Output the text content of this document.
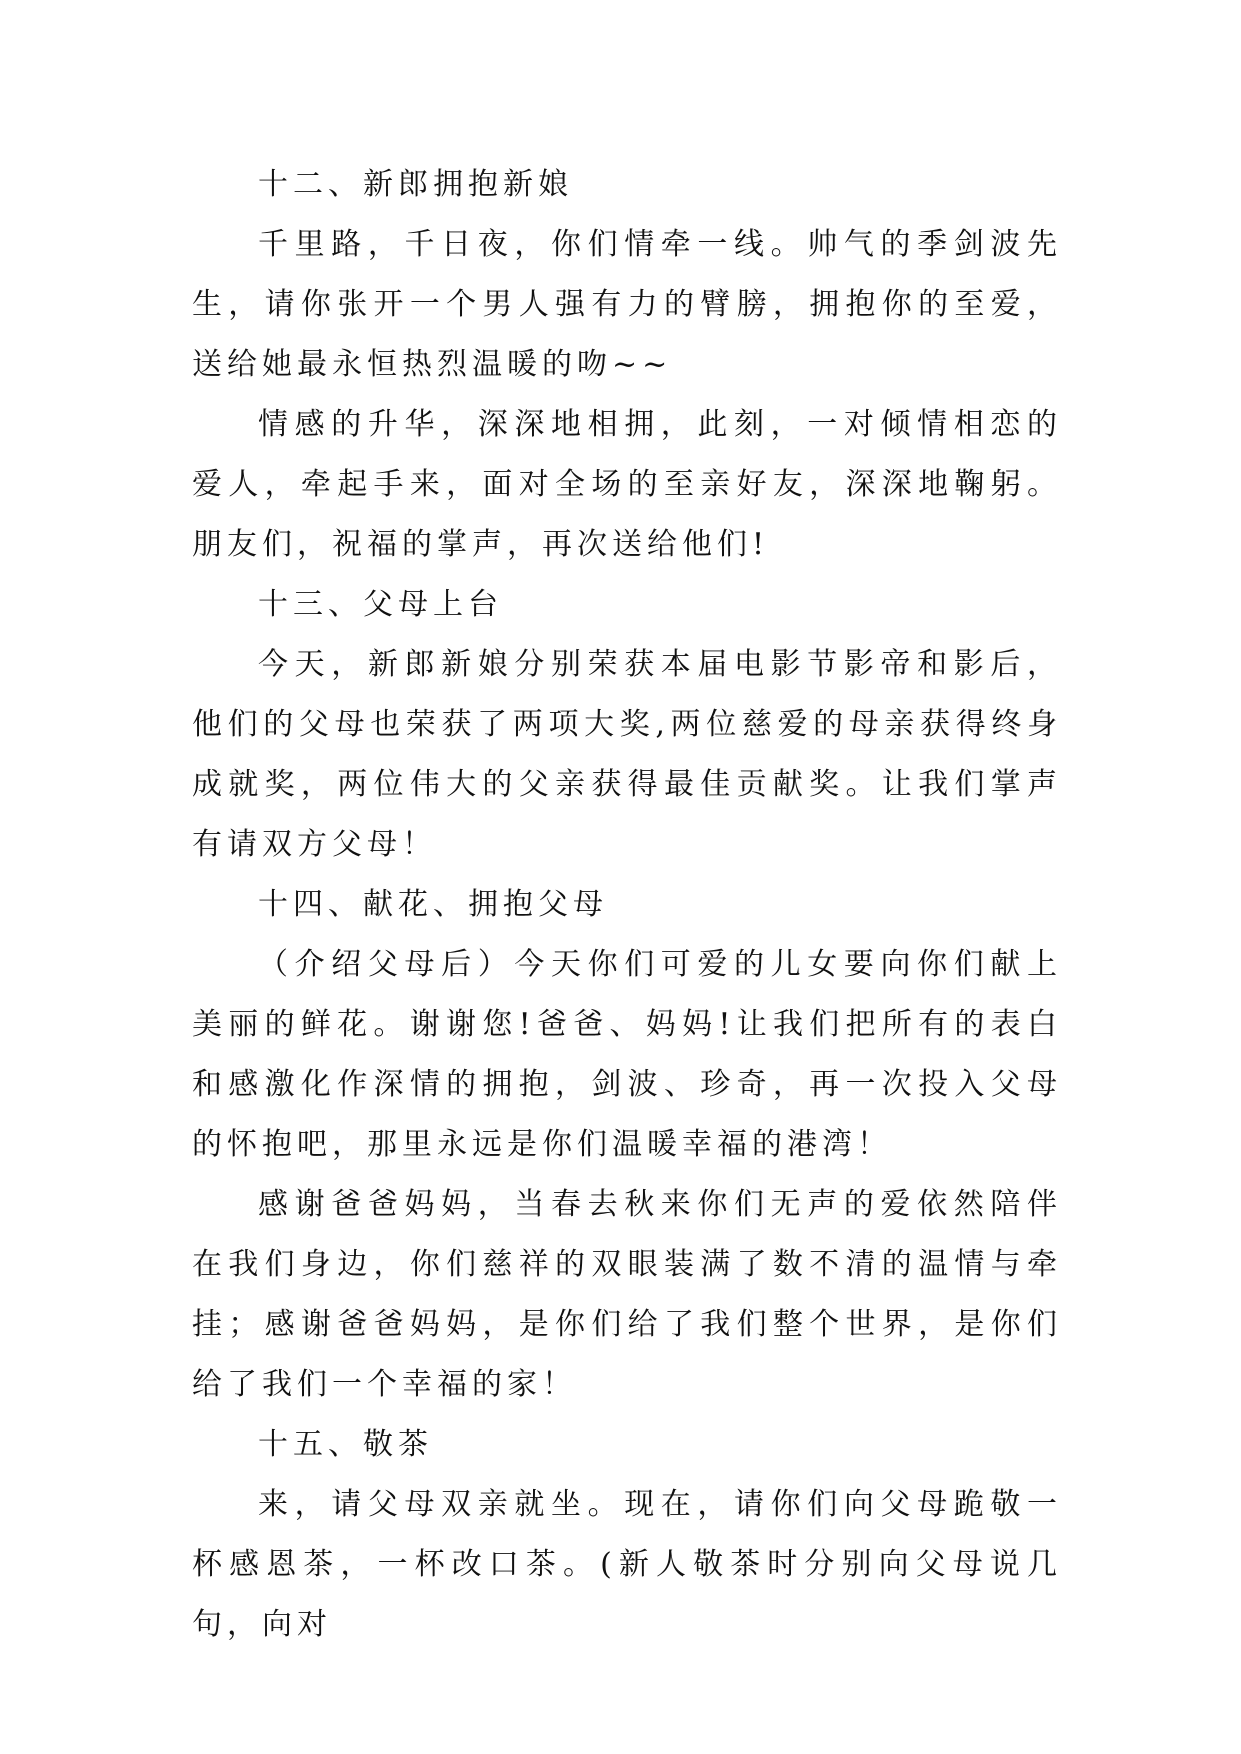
十二、新郎拥抱新娘

千里路，千日夜，你们情牵一线。帅气的季剑波先生，请你张开一个男人强有力的臂膀，拥抱你的至爱，送给她最永恒热烈温暖的吻~~

情感的升华，深深地相拥，此刻，一对倾情相恋的爱人，牵起手来，面对全场的至亲好友，深深地鞠躬。朋友们，祝福的掌声，再次送给他们!

十三、父母上台

今天，新郎新娘分别荣获本届电影节影帝和影后，他们的父母也荣获了两项大奖,两位慈爱的母亲获得终身成就奖，两位伟大的父亲获得最佳贡献奖。让我们掌声有请双方父母！

十四、献花、拥抱父母

（介绍父母后）今天你们可爱的儿女要向你们献上美丽的鲜花。谢谢您!爸爸、妈妈!让我们把所有的表白和感激化作深情的拥抱，剑波、珍奇，再一次投入父母的怀抱吧，那里永远是你们温暖幸福的港湾！

感谢爸爸妈妈，当春去秋来你们无声的爱依然陪伴在我们身边，你们慈祥的双眼装满了数不清的温情与牵挂；感谢爸爸妈妈，是你们给了我们整个世界，是你们给了我们一个幸福的家！

十五、敬茶

来，请父母双亲就坐。现在，请你们向父母跪敬一杯感恩茶，一杯改口茶。(新人敬茶时分别向父母说几句，向对
